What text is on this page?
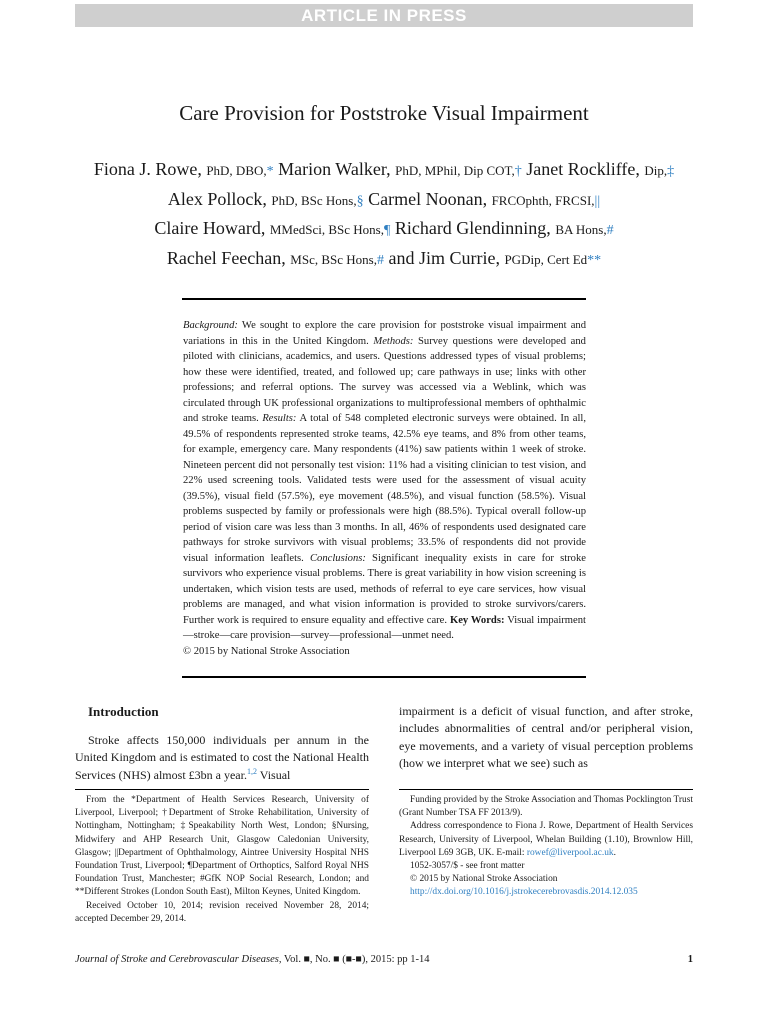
ARTICLE IN PRESS
Care Provision for Poststroke Visual Impairment
Fiona J. Rowe, PhD, DBO,* Marion Walker, PhD, MPhil, Dip COT,† Janet Rockliffe, Dip,‡
Alex Pollock, PhD, BSc Hons,§ Carmel Noonan, FRCOphth, FRCSI,||
Claire Howard, MMedSci, BSc Hons,¶ Richard Glendinning, BA Hons,#
Rachel Feechan, MSc, BSc Hons,# and Jim Currie, PGDip, Cert Ed**
Background: We sought to explore the care provision for poststroke visual impairment and variations in this in the United Kingdom. Methods: Survey questions were developed and piloted with clinicians, academics, and users. Questions addressed types of visual problems; how these were identified, treated, and followed up; care pathways in use; links with other professions; and referral options. The survey was accessed via a Weblink, which was circulated through UK professional organizations to multiprofessional members of ophthalmic and stroke teams. Results: A total of 548 completed electronic surveys were obtained. In all, 49.5% of respondents represented stroke teams, 42.5% eye teams, and 8% from other teams, for example, emergency care. Many respondents (41%) saw patients within 1 week of stroke. Nineteen percent did not personally test vision: 11% had a visiting clinician to test vision, and 22% used screening tools. Validated tests were used for the assessment of visual acuity (39.5%), visual field (57.5%), eye movement (48.5%), and visual function (58.5%). Visual problems suspected by family or professionals were high (88.5%). Typical overall follow-up period of vision care was less than 3 months. In all, 46% of respondents used designated care pathways for stroke survivors with visual problems; 33.5% of respondents did not provide visual information leaflets. Conclusions: Significant inequality exists in care for stroke survivors who experience visual problems. There is great variability in how vision screening is undertaken, which vision tests are used, methods of referral to eye care services, how visual problems are managed, and what vision information is provided to stroke survivors/carers. Further work is required to ensure equality and effective care. Key Words: Visual impairment—stroke—care provision—survey—professional—unmet need.
© 2015 by National Stroke Association
Introduction

Stroke affects 150,000 individuals per annum in the United Kingdom and is estimated to cost the National Health Services (NHS) almost £3bn a year.$^{1,2}$ Visual

impairment is a deficit of visual function, and after stroke, includes abnormalities of central and/or peripheral vision, eye movements, and a variety of visual perception problems (how we interpret what we see) such as

From the *Department of Health Services Research, University of Liverpool, Liverpool; †Department of Stroke Rehabilitation, University of Nottingham, Nottingham; ‡Speakability North West, London; §Nursing, Midwifery and AHP Research Unit, Glasgow Caledonian University, Glasgow; ||Department of Ophthalmology, Aintree University Hospital NHS Foundation Trust, Liverpool; ¶Department of Orthoptics, Salford Royal NHS Foundation Trust, Manchester; #GfK NOP Social Research, London; and **Different Strokes (London South East), Milton Keynes, United Kingdom.

Received October 10, 2014; revision received November 28, 2014; accepted December 29, 2014.

Funding provided by the Stroke Association and Thomas Pocklington Trust (Grant Number TSA FF 2013/9).

Address correspondence to Fiona J. Rowe, Department of Health Services Research, University of Liverpool, Whelan Building (1.10), Brownlow Hill, Liverpool L69 3GB, UK. E-mail: rowef@liverpool.ac.uk.

1052-3057/$ - see front matter

© 2015 by National Stroke Association

http://dx.doi.org/10.1016/j.jstrokecerebrovasdis.2014.12.035

Journal of Stroke and Cerebrovascular Diseases, Vol. ■, No. ■ (■-■), 2015: pp 1-14	1
